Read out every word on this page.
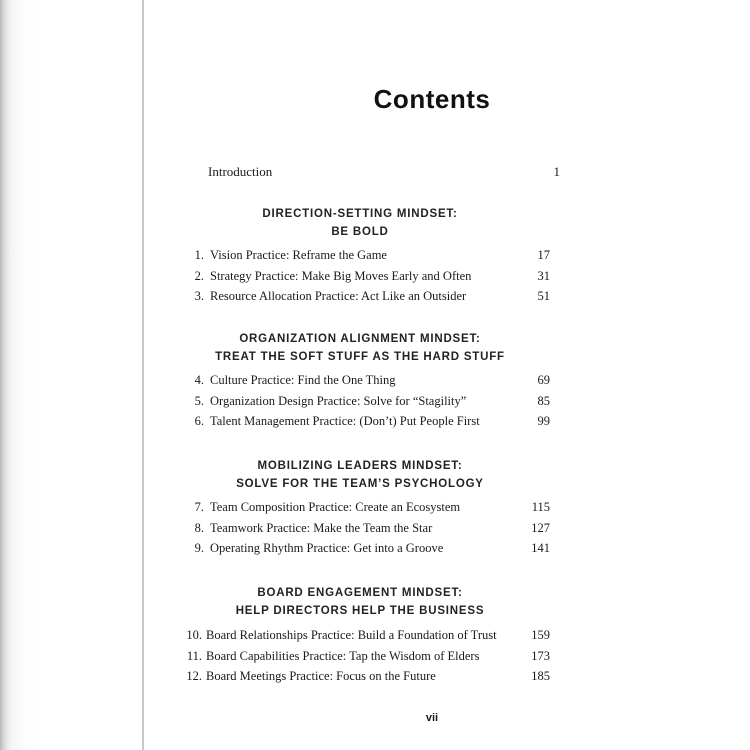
Contents
Introduction	1
DIRECTION-SETTING MINDSET:
BE BOLD
1. Vision Practice: Reframe the Game	17
2. Strategy Practice: Make Big Moves Early and Often	31
3. Resource Allocation Practice: Act Like an Outsider	51
ORGANIZATION ALIGNMENT MINDSET:
TREAT THE SOFT STUFF AS THE HARD STUFF
4. Culture Practice: Find the One Thing	69
5. Organization Design Practice: Solve for “Stagility”	85
6. Talent Management Practice: (Don’t) Put People First	99
MOBILIZING LEADERS MINDSET:
SOLVE FOR THE TEAM’S PSYCHOLOGY
7. Team Composition Practice: Create an Ecosystem	115
8. Teamwork Practice: Make the Team the Star	127
9. Operating Rhythm Practice: Get into a Groove	141
BOARD ENGAGEMENT MINDSET:
HELP DIRECTORS HELP THE BUSINESS
10. Board Relationships Practice: Build a Foundation of Trust	159
11. Board Capabilities Practice: Tap the Wisdom of Elders	173
12. Board Meetings Practice: Focus on the Future	185
vii
